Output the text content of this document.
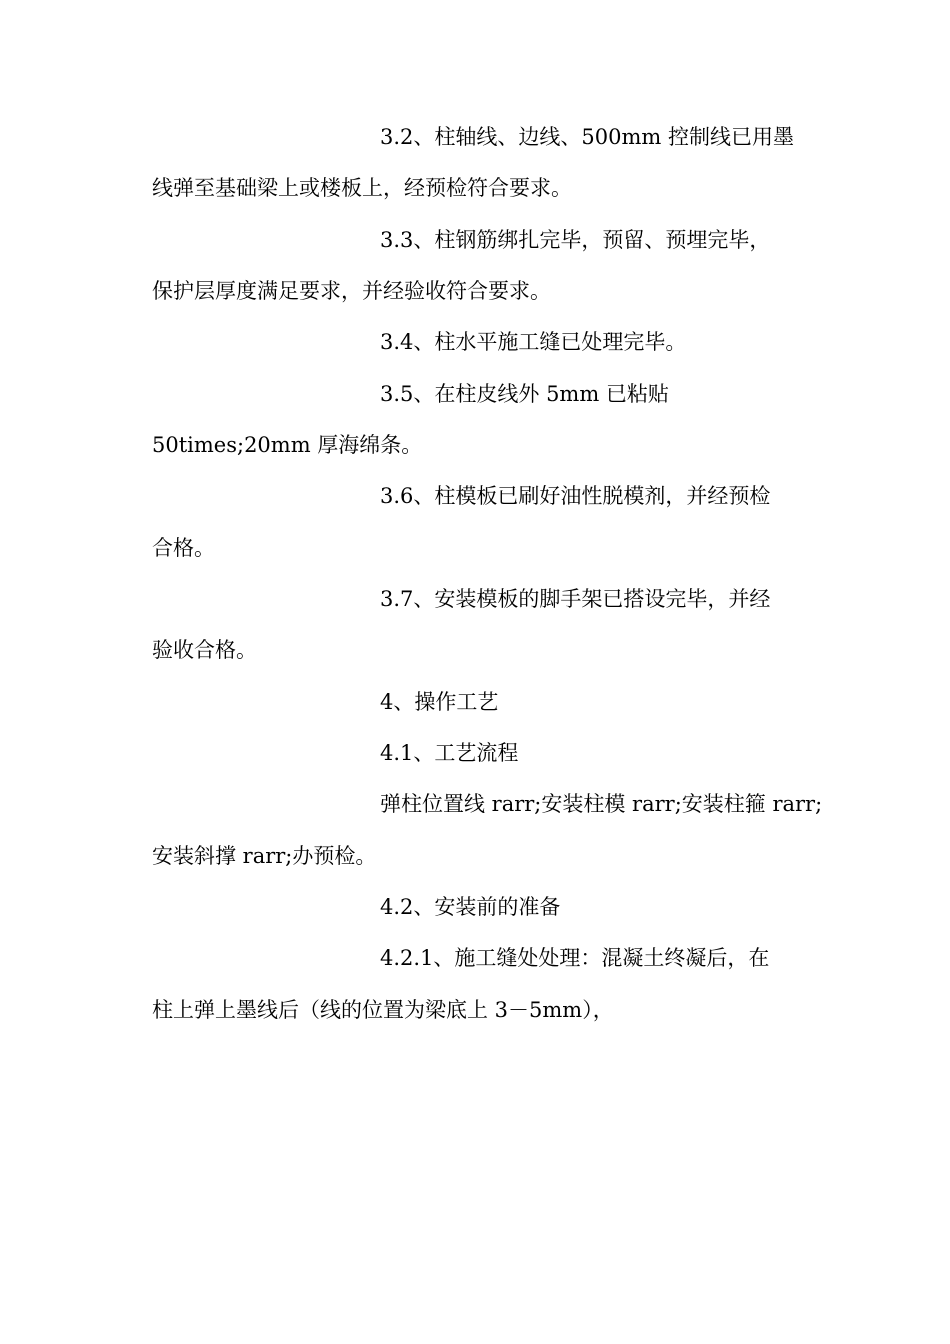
3.2、柱轴线、边线、500mm 控制线已用墨
线弹至基础梁上或楼板上，经预检符合要求。
3.3、柱钢筋绑扎完毕，预留、预埋完毕，
保护层厚度满足要求，并经验收符合要求。
3.4、柱水平施工缝已处理完毕。
3.5、在柱皮线外 5mm 已粘贴
50times;20mm 厚海绵条。
3.6、柱模板已刷好油性脱模剂，并经预检
合格。
3.7、安装模板的脚手架已搭设完毕，并经
验收合格。
4、操作工艺
4.1、工艺流程
弹柱位置线 rarr;安装柱模 rarr;安装柱箍 rarr;
安装斜撑 rarr;办预检。
4.2、安装前的准备
4.2.1、施工缝处处理：混凝土终凝后，在
柱上弹上墨线后（线的位置为梁底上 3－5mm），
